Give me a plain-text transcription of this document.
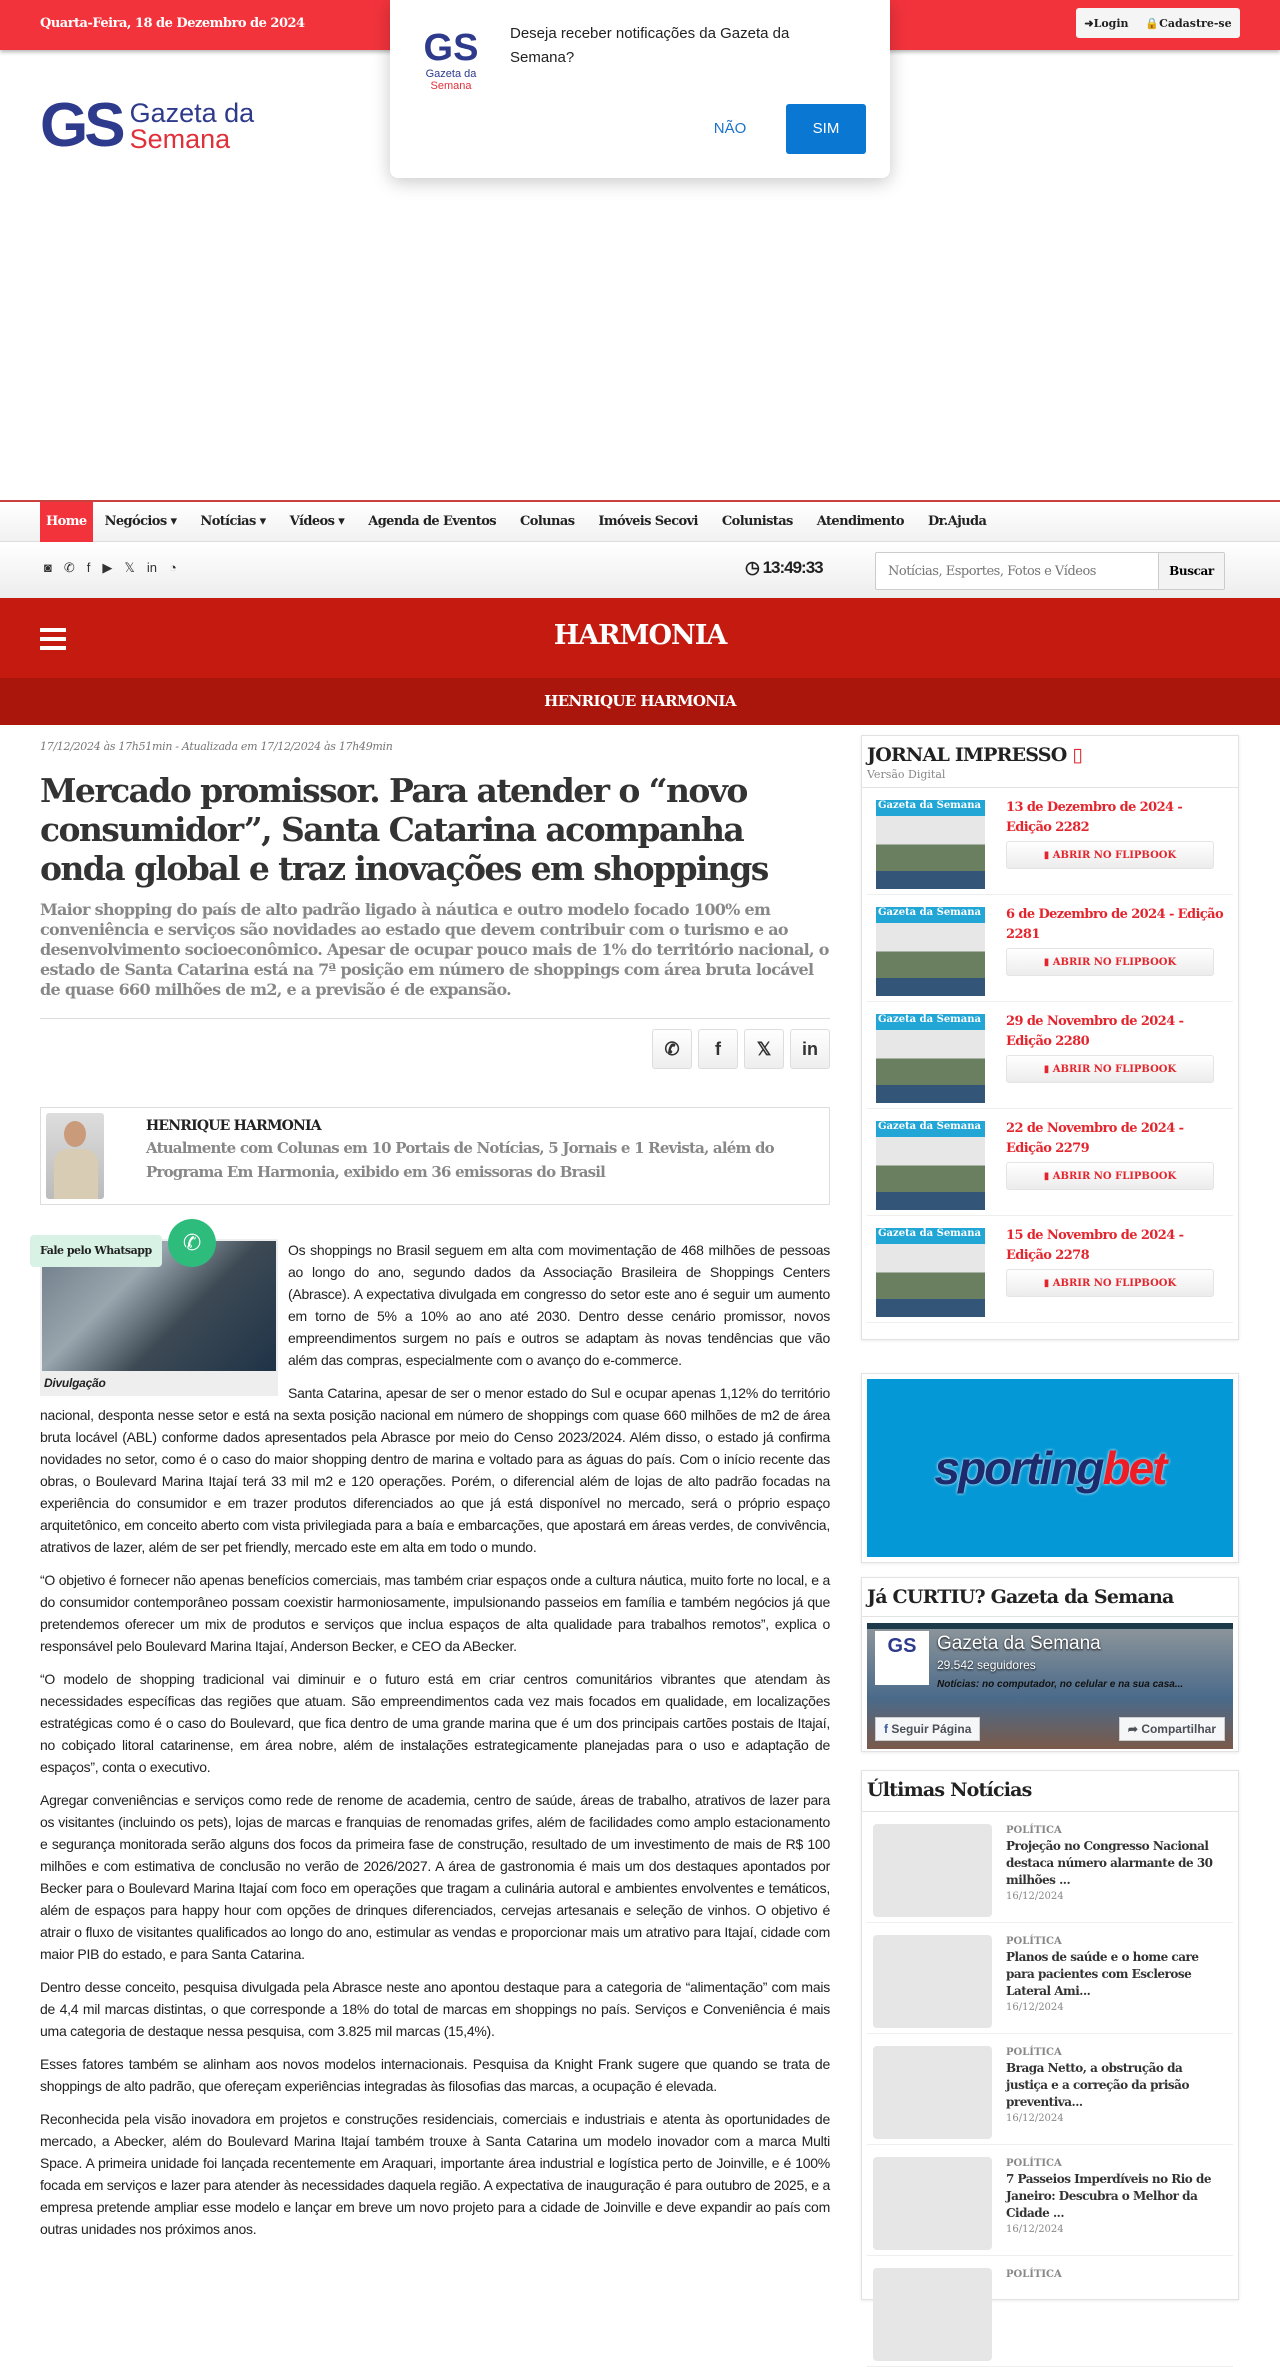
Quarta-Feira, 18 de Dezembro de 2024	➜Login 🔒Cadastre-se
GS
Gazeta da
Semana
Deseja receber notificações da Gazeta da Semana?
NÃO	SIM
GS Gazeta da
Semana
Home	Negócios ▾	Notícias ▾	Vídeos ▾	Agenda de Eventos	Colunas	Imóveis Secovi	Colunistas	Atendimento	Dr.Ajuda
◙ ✆ f ▶ 𝕏 in ◔	◷ 13:49:33
Notícias, Esportes, Fotos e Vídeos	Buscar
HARMONIA
HENRIQUE HARMONIA
17/12/2024 às 17h51min - Atualizada em 17/12/2024 às 17h49min
Mercado promissor. Para atender o “novo consumidor”, Santa Catarina acompanha onda global e traz inovações em shoppings

Maior shopping do país de alto padrão ligado à náutica e outro modelo focado 100% em conveniência e serviços são novidades ao estado que devem contribuir com o turismo e ao desenvolvimento socioeconômico. Apesar de ocupar pouco mais de 1% do território nacional, o estado de Santa Catarina está na 7ª posição em número de shoppings com área bruta locável de quase 660 milhões de m2, e a previsão é de expansão.

✆	f	𝕏	in
HENRIQUE HARMONIA
Atualmente com Colunas em 10 Portais de Notícias, 5 Jornais e 1 Revista, além do Programa Em Harmonia, exibido em 36 emissoras do Brasil
Fale pelo Whatsapp	✆
Divulgação

Os shoppings no Brasil seguem em alta com movimentação de 468 milhões de pessoas ao longo do ano, segundo dados da Associação Brasileira de Shoppings Centers (Abrasce). A expectativa divulgada em congresso do setor este ano é seguir um aumento em torno de 5% a 10% ao ano até 2030. Dentro desse cenário promissor, novos empreendimentos surgem no país e outros se adaptam às novas tendências que vão além das compras, especialmente com o avanço do e-commerce.

Santa Catarina, apesar de ser o menor estado do Sul e ocupar apenas 1,12% do território nacional, desponta nesse setor e está na sexta posição nacional em número de shoppings com quase 660 milhões de m2 de área bruta locável (ABL) conforme dados apresentados pela Abrasce por meio do Censo 2023/2024. Além disso, o estado já confirma novidades no setor, como é o caso do maior shopping dentro de marina e voltado para as águas do país. Com o início recente das obras, o Boulevard Marina Itajaí terá 33 mil m2 e 120 operações. Porém, o diferencial além de lojas de alto padrão focadas na experiência do consumidor e em trazer produtos diferenciados ao que já está disponível no mercado, será o próprio espaço arquitetônico, em conceito aberto com vista privilegiada para a baía e embarcações, que apostará em áreas verdes, de convivência, atrativos de lazer, além de ser pet friendly, mercado este em alta em todo o mundo.

“O objetivo é fornecer não apenas benefícios comerciais, mas também criar espaços onde a cultura náutica, muito forte no local, e a do consumidor contemporâneo possam coexistir harmoniosamente, impulsionando passeios em família e também negócios já que pretendemos oferecer um mix de produtos e serviços que inclua espaços de alta qualidade para trabalhos remotos”, explica o responsável pelo Boulevard Marina Itajaí, Anderson Becker, e CEO da ABecker.

“O modelo de shopping tradicional vai diminuir e o futuro está em criar centros comunitários vibrantes que atendam às necessidades específicas das regiões que atuam. São empreendimentos cada vez mais focados em qualidade, em localizações estratégicas como é o caso do Boulevard, que fica dentro de uma grande marina que é um dos principais cartões postais de Itajaí, no cobiçado litoral catarinense, em área nobre, além de instalações estrategicamente planejadas para o uso e adaptação de espaços”, conta o executivo.

Agregar conveniências e serviços como rede de renome de academia, centro de saúde, áreas de trabalho, atrativos de lazer para os visitantes (incluindo os pets), lojas de marcas e franquias de renomadas grifes, além de facilidades como amplo estacionamento e segurança monitorada serão alguns dos focos da primeira fase de construção, resultado de um investimento de mais de R$ 100 milhões e com estimativa de conclusão no verão de 2026/2027. A área de gastronomia é mais um dos destaques apontados por Becker para o Boulevard Marina Itajaí com foco em operações que tragam a culinária autoral e ambientes envolventes e temáticos, além de espaços para happy hour com opções de drinques diferenciados, cervejas artesanais e seleção de vinhos. O objetivo é atrair o fluxo de visitantes qualificados ao longo do ano, estimular as vendas e proporcionar mais um atrativo para Itajaí, cidade com maior PIB do estado, e para Santa Catarina.

Dentro desse conceito, pesquisa divulgada pela Abrasce neste ano apontou destaque para a categoria de “alimentação” com mais de 4,4 mil marcas distintas, o que corresponde a 18% do total de marcas em shoppings no país. Serviços e Conveniência é mais uma categoria de destaque nessa pesquisa, com 3.825 mil marcas (15,4%).

Esses fatores também se alinham aos novos modelos internacionais. Pesquisa da Knight Frank sugere que quando se trata de shoppings de alto padrão, que ofereçam experiências integradas às filosofias das marcas, a ocupação é elevada.

Reconhecida pela visão inovadora em projetos e construções residenciais, comerciais e industriais e atenta às oportunidades de mercado, a Abecker, além do Boulevard Marina Itajaí também trouxe à Santa Catarina um modelo inovador com a marca Multi Space. A primeira unidade foi lançada recentemente em Araquari, importante área industrial e logística perto de Joinville, e é 100% focada em serviços e lazer para atender às necessidades daquela região. A expectativa de inauguração é para outubro de 2025, e a empresa pretende ampliar esse modelo e lançar em breve um novo projeto para a cidade de Joinville e deve expandir ao país com outras unidades nos próximos anos.

JORNAL IMPRESSO ▯
Versão Digital
Gazeta da Semana 13 de Dezembro de 2024 - Edição 2282
▮ ABRIR NO FLIPBOOK
Gazeta da Semana 6 de Dezembro de 2024 - Edição 2281
▮ ABRIR NO FLIPBOOK
Gazeta da Semana 29 de Novembro de 2024 - Edição 2280
▮ ABRIR NO FLIPBOOK
Gazeta da Semana 22 de Novembro de 2024 - Edição 2279
▮ ABRIR NO FLIPBOOK
Gazeta da Semana 15 de Novembro de 2024 - Edição 2278
▮ ABRIR NO FLIPBOOK
sporting bet
Já CURTIU? Gazeta da Semana
GS	Gazeta da Semana
29.542 seguidores
Notícias: no computador, no celular e na sua casa...
f Seguir Página	➦ Compartilhar
Últimas Notícias
POLÍTICA
Projeção no Congresso Nacional destaca número alarmante de 30 milhões ...
16/12/2024
POLÍTICA
Planos de saúde e o home care para pacientes com Esclerose Lateral Ami...
16/12/2024
POLÍTICA
Braga Netto, a obstrução da justiça e a correção da prisão preventiva...
16/12/2024
POLÍTICA
7 Passeios Imperdíveis no Rio de Janeiro: Descubra o Melhor da Cidade ...
16/12/2024
POLÍTICA
